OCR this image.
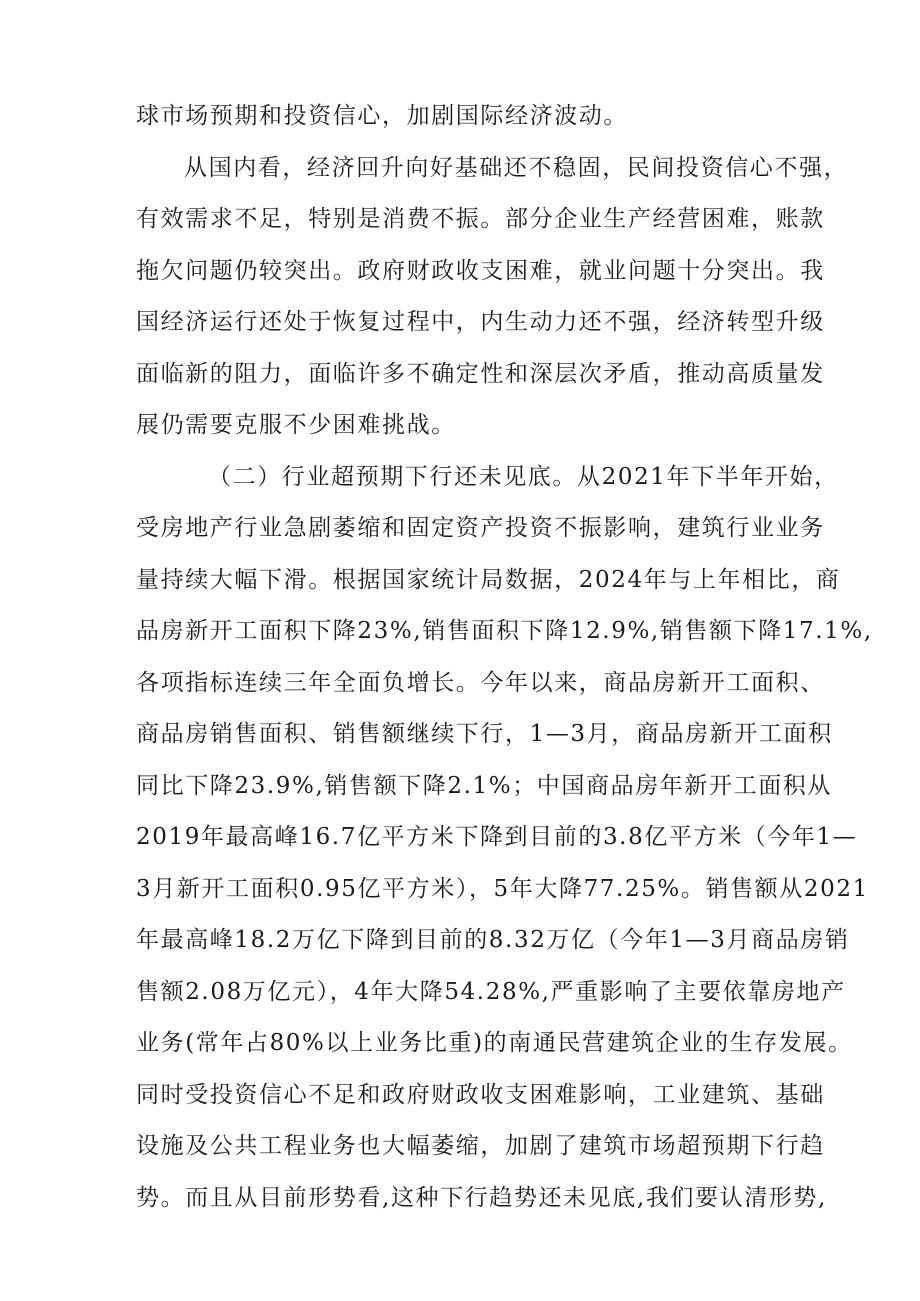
球市场预期和投资信心，加剧国际经济波动。
从国内看，经济回升向好基础还不稳固，民间投资信心不强，
有效需求不足，特别是消费不振。部分企业生产经营困难，账款
拖欠问题仍较突出。政府财政收支困难，就业问题十分突出。我
国经济运行还处于恢复过程中，内生动力还不强，经济转型升级
面临新的阻力，面临许多不确定性和深层次矛盾，推动高质量发
展仍需要克服不少困难挑战。
（二）行业超预期下行还未见底。从2021年下半年开始，
受房地产行业急剧萎缩和固定资产投资不振影响，建筑行业业务
量持续大幅下滑。根据国家统计局数据，2024年与上年相比，商
品房新开工面积下降23%,销售面积下降12.9%,销售额下降17.1%,
各项指标连续三年全面负增长。今年以来，商品房新开工面积、
商品房销售面积、销售额继续下行，1—3月，商品房新开工面积
同比下降23.9%,销售额下降2.1%；中国商品房年新开工面积从
2019年最高峰16.7亿平方米下降到目前的3.8亿平方米（今年1—
3月新开工面积0.95亿平方米），5年大降77.25%。销售额从2021
年最高峰18.2万亿下降到目前的8.32万亿（今年1—3月商品房销
售额2.08万亿元），4年大降54.28%,严重影响了主要依靠房地产
业务(常年占80%以上业务比重)的南通民营建筑企业的生存发展。
同时受投资信心不足和政府财政收支困难影响，工业建筑、基础
设施及公共工程业务也大幅萎缩，加剧了建筑市场超预期下行趋
势。而且从目前形势看,这种下行趋势还未见底,我们要认清形势,
